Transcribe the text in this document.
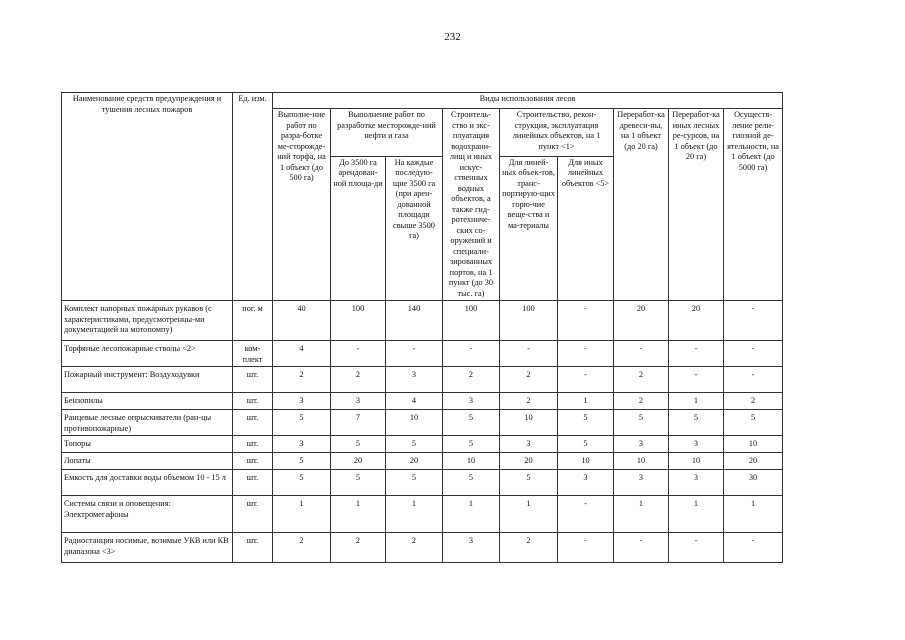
232
Наименование средств предупреждения и тушения лесных пожаров	Ед. изм.	Виды использования лесов								
		Выполне-ние работ по разра-ботке ме-сторожде-ний торфа, на 1 объект (до 500 га)	Выполнение работ по разработке месторожде-ний нефти и газа		Строитель-ство и экс-плуатация водохрани-лищ и иных искус-ственных водных объектов, а также гид-ротехниче-ских со-оружений и специали-зированных портов, на 1 пункт (до 30 тыс. га)	Строительство, рекон-струкция, эксплуатация линейных объектов, на 1 пункт <1>		Переработ-ка древеси-ны, на 1 объект (до 20 га)	Переработ-ка иных лесных ре-сурсов, на 1 объект (до 20 га)	Осуществ-ление рели-гиозной де-ятельности, на 1 объект (до 5000 га)
			До 3500 га арендован-ной площа-ди	На каждые последую-щие 3500 га (при арен-дованной площади свыше 3500 га)		Для линей-ных объек-тов, транс-портирую-щих горю-чие веще-ства и ма-териалы	Для иных линейных объектов <5>			
Комплект напорных пожарных рукавов (с характеристиками, предусмотренны-ми документацией на мотопомпу)	пог. м	40	100	140	100	100	-	20	20	-
Торфяные лесопожарные стволы <2>	ком-плект	4	-	-	-	-	-	-	-	-
Пожарный инструмент: Воздуходувки	шт.	2	2	3	2	2	-	2	-	-
Бензопилы	шт.	3	3	4	3	2	1	2	1	2
Ранцевые лесные опрыскиватели (ран-цы противопожарные)	шт.	5	7	10	5	10	5	5	5	5
Топоры	шт.	3	5	5	5	3	5	3	3	10
Лопаты	шт.	5	20	20	10	20	10	10	10	20
Емкость для доставки воды объемом 10 - 15 л	шт.	5	5	5	5	5	3	3	3	30
Системы связи и оповещения: Электромегафоны	шт.	1	1	1	1	1	-	1	1	1
Радиостанция носимые, возимые УКВ или КВ диапазона <3>	шт.	2	2	2	3	2	-	-	-	-
